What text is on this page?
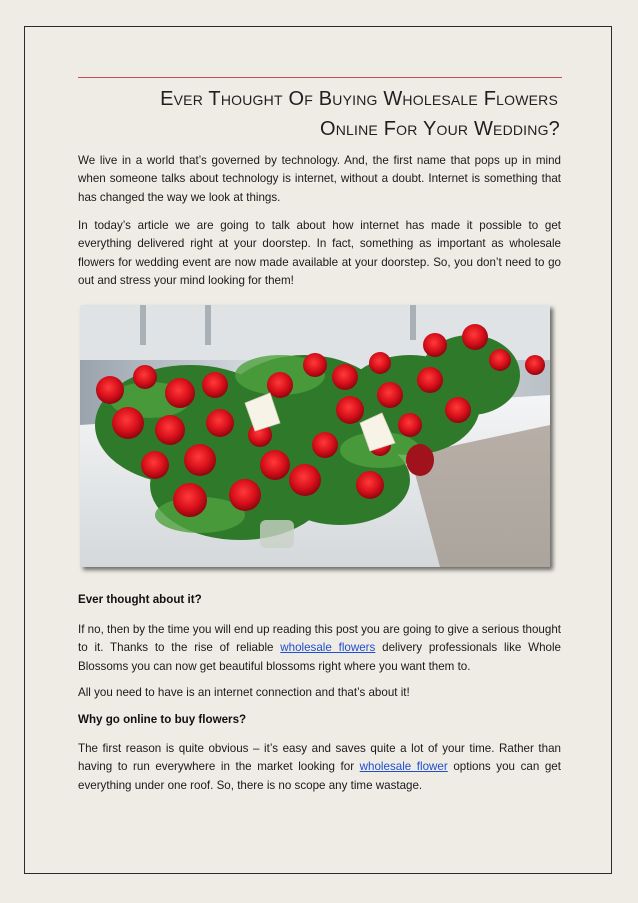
Ever Thought Of Buying Wholesale Flowers
Online For Your Wedding?

We live in a world that’s governed by technology. And, the first name that pops up in mind when someone talks about technology is internet, without a doubt. Internet is something that has changed the way we look at things.

In today’s article we are going to talk about how internet has made it possible to get everything delivered right at your doorstep. In fact, something as important as wholesale flowers for wedding event are now made available at your doorstep. So, you don’t need to go out and stress your mind looking for them!

Ever thought about it?

If no, then by the time you will end up reading this post you are going to give a serious thought to it. Thanks to the rise of reliable wholesale flowers delivery professionals like Whole Blossoms you can now get beautiful blossoms right where you want them to.

All you need to have is an internet connection and that’s about it!

Why go online to buy flowers?

The first reason is quite obvious – it’s easy and saves quite a lot of your time. Rather than having to run everywhere in the market looking for wholesale flower options you can get everything under one roof. So, there is no scope any time wastage.
